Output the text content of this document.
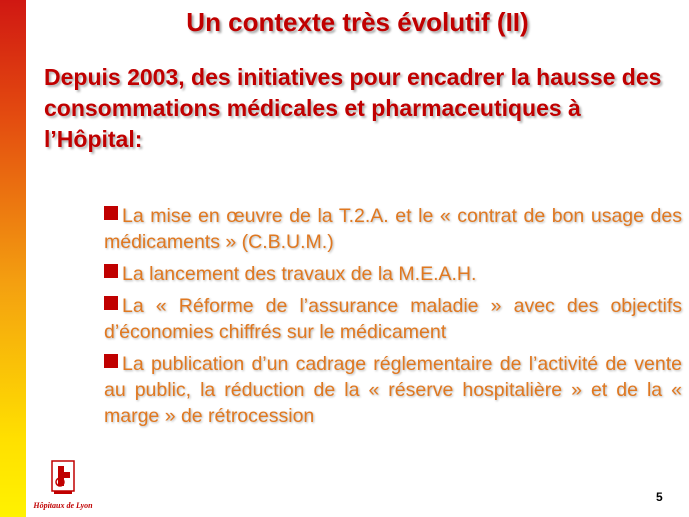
Un contexte très évolutif (II)
Depuis 2003, des initiatives pour encadrer la hausse des consommations médicales et pharmaceutiques à l’Hôpital:
La mise en œuvre de la T.2.A. et le « contrat de bon usage des médicaments » (C.B.U.M.)
La lancement des travaux de la M.E.A.H.
La « Réforme de l’assurance maladie » avec des objectifs d’économies chiffrés sur le médicament
La publication d’un cadrage réglementaire de l’activité de vente au public, la réduction de la « réserve hospitalière » et de la « marge » de rétrocession
Hôpitaux de Lyon
5
